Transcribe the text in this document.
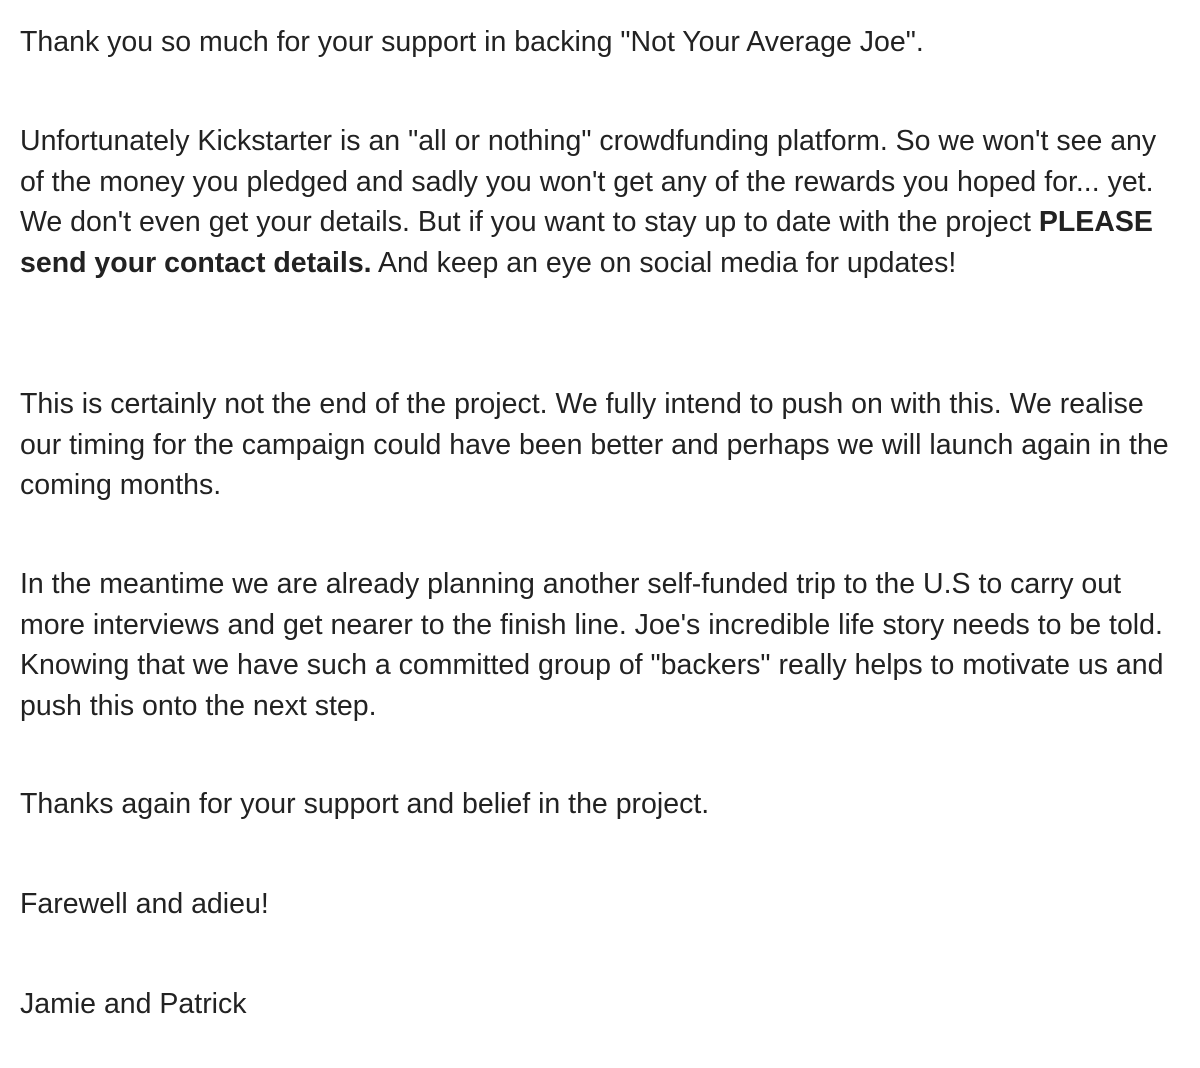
Thank you so much for your support in backing "Not Your Average Joe".

Unfortunately Kickstarter is an "all or nothing" crowdfunding platform. So we won't see any of the money you pledged and sadly you won't get any of the rewards you hoped for... yet. We don't even get your details. But if you want to stay up to date with the project PLEASE send your contact details. And keep an eye on social media for updates!

This is certainly not the end of the project. We fully intend to push on with this. We realise our timing for the campaign could have been better and perhaps we will launch again in the coming months.

In the meantime we are already planning another self-funded trip to the U.S to carry out more interviews and get nearer to the finish line. Joe's incredible life story needs to be told. Knowing that we have such a committed group of "backers" really helps to motivate us and push this onto the next step.

Thanks again for your support and belief in the project.

Farewell and adieu!

Jamie and Patrick
